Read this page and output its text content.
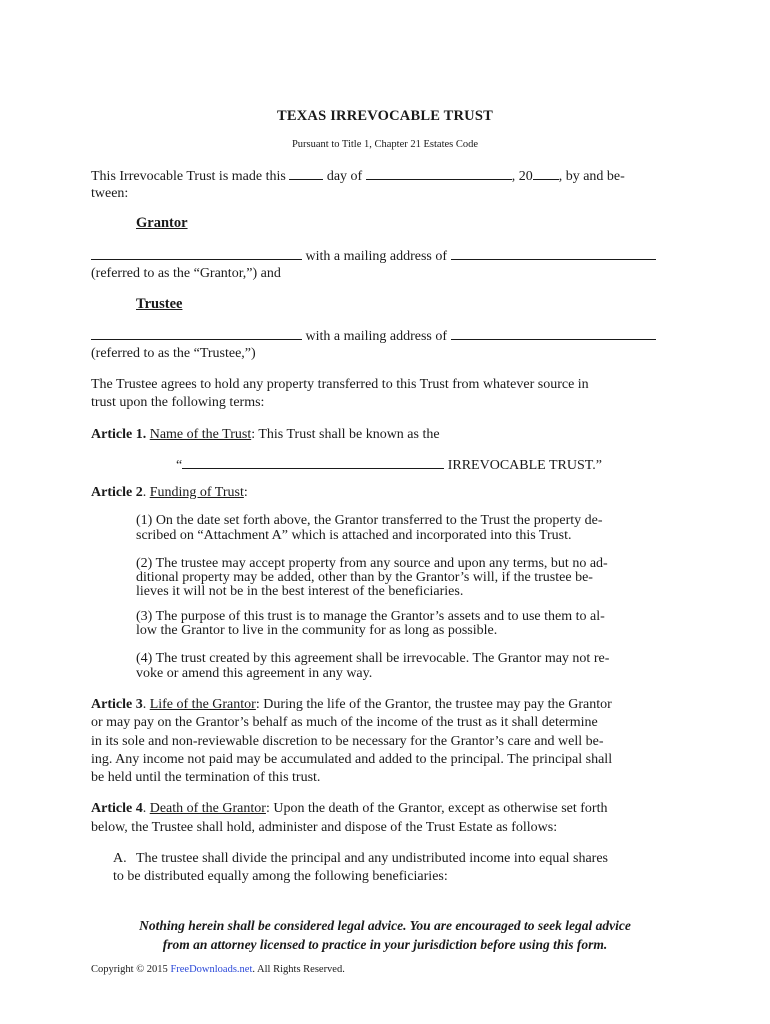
TEXAS IRREVOCABLE TRUST
Pursuant to Title 1, Chapter 21 Estates Code
This Irrevocable Trust is made this	day of	, 20 , by and be-
tween:
Grantor
with a mailing address of
(referred to as the “Grantor,”) and
Trustee
with a mailing address of
(referred to as the “Trustee,”)
The Trustee agrees to hold any property transferred to this Trust from whatever source in
trust upon the following terms:
Article 1. Name of the Trust: This Trust shall be known as the
“	IRREVOCABLE TRUST.”
Article 2. Funding of Trust:
(1) On the date set forth above, the Grantor transferred to the Trust the property de-
scribed on “Attachment A” which is attached and incorporated into this Trust.
(2) The trustee may accept property from any source and upon any terms, but no ad-
ditional property may be added, other than by the Grantor’s will, if the trustee be-
lieves it will not be in the best interest of the beneficiaries.
(3) The purpose of this trust is to manage the Grantor’s assets and to use them to al-
low the Grantor to live in the community for as long as possible.
(4) The trust created by this agreement shall be irrevocable. The Grantor may not re-
voke or amend this agreement in any way.
Article 3. Life of the Grantor: During the life of the Grantor, the trustee may pay the Grantor
or may pay on the Grantor’s behalf as much of the income of the trust as it shall determine
in its sole and non-reviewable discretion to be necessary for the Grantor’s care and well be-
ing. Any income not paid may be accumulated and added to the principal. The principal shall
be held until the termination of this trust.
Article 4. Death of the Grantor: Upon the death of the Grantor, except as otherwise set forth
below, the Trustee shall hold, administer and dispose of the Trust Estate as follows:
A. The trustee shall divide the principal and any undistributed income into equal shares
to be distributed equally among the following beneficiaries:
Nothing herein shall be considered legal advice. You are encouraged to seek legal advice
from an attorney licensed to practice in your jurisdiction before using this form.
Copyright © 2015 FreeDownloads.net. All Rights Reserved.
